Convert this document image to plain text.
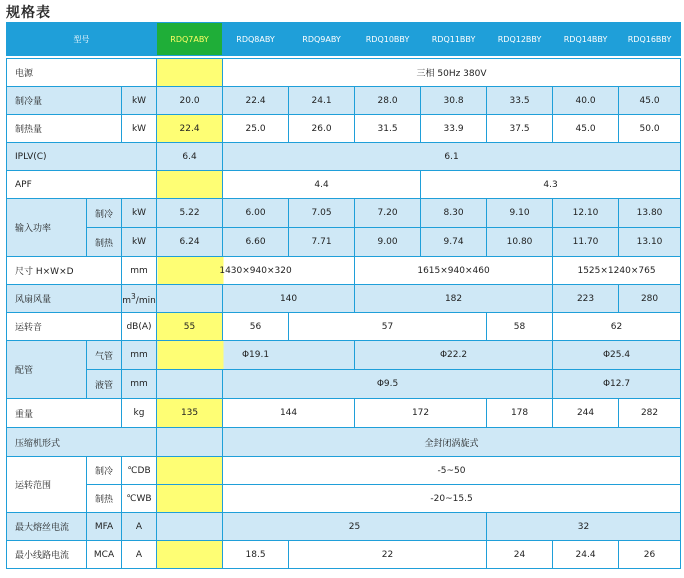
规格表
型号			RDQ7ABY	RDQ8ABY	RDQ9ABY	RDQ10BBY	RDQ11BBY	RDQ12BBY	RDQ14BBY	RDQ16BBY	

电源				三相 50Hz 380V							
制冷量		kW	20.0	22.4	24.1	28.0	30.8	33.5	40.0	45.0	
制热量		kW	22.4	25.0	26.0	31.5	33.9	37.5	45.0	50.0	
IPLV(C)			6.4	6.1							
APF				4.4			4.3				
输入功率	制冷	kW	5.22	6.00	7.05	7.20	8.30	9.10	12.10	13.80	
	制热	kW	6.24	6.60	7.71	9.00	9.74	10.80	11.70	13.10	
尺寸 H×W×D		mm	1430×940×320			1615×940×460			1525×1240×765		
风扇风量		$m^3/\min$		140		182			223	280	
运转音		dB(A)	55	56	57			58	62		
配管	气管	mm	Φ19.1			Φ22.2			Φ25.4	
	液管	mm		Φ9.5					Φ12.7		
重量		kg	135	144		172		178	244	282	
压缩机形式				全封闭涡旋式							
运转范围	制冷	℃DB		-5~50							
	制热	℃WB		-20~15.5							
最大熔丝电流	MFA	A		25				32			
最小线路电流	MCA	A		18.5	22			24	24.4	26	
